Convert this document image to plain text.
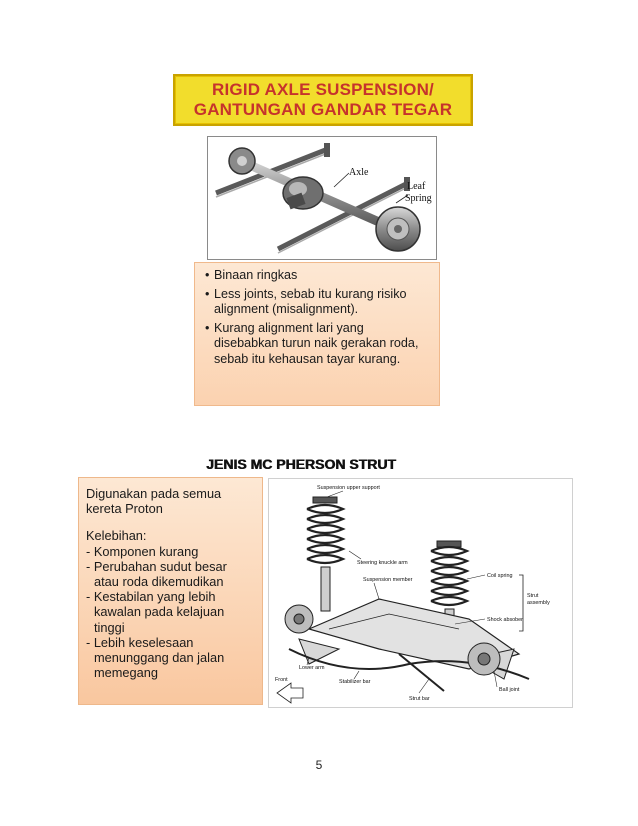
RIGID AXLE SUSPENSION/
GANTUNGAN GANDAR TEGAR
Axle
Leaf
Spring
• Binaan ringkas
• Less joints, sebab itu kurang risiko alignment (misalignment).
• Kurang alignment lari yang disebabkan turun naik gerakan roda, sebab itu kehausan tayar kurang.
JENIS MC PHERSON STRUT
Digunakan pada semua
kereta Proton
Kelebihan:
- Komponen kurang
- Perubahan sudut besar
atau roda dikemudikan
- Kestabilan yang lebih
kawalan pada kelajuan
tinggi
- Lebih keselesaan
menunggang dan jalan
memegang
Suspension upper support
Steering knuckle arm
Suspension member
Coil spring
Strut
assembly
Shock absober
Lower arm
Front	Stabilizer bar
Ball joint
Strut bar
5
